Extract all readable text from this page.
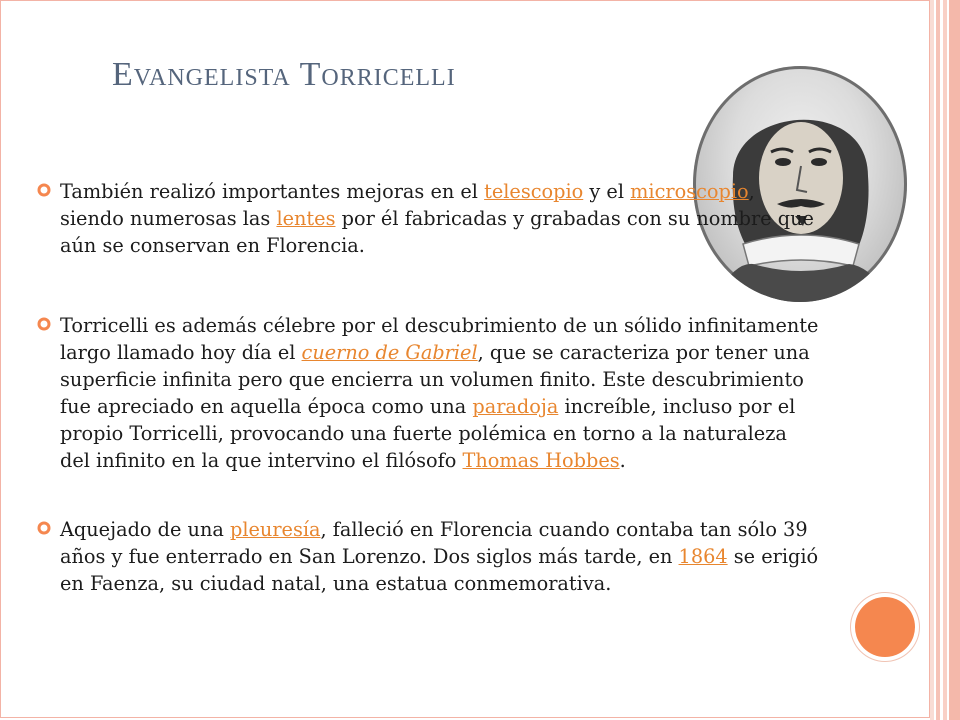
Evangelista Torricelli
También realizó importantes mejoras en el telescopio y el microscopio, siendo numerosas las lentes por él fabricadas y grabadas con su nombre que aún se conservan en Florencia.
Torricelli es además célebre por el descubrimiento de un sólido infinitamente largo llamado hoy día el cuerno de Gabriel, que se caracteriza por tener una superficie infinita pero que encierra un volumen finito. Este descubrimiento fue apreciado en aquella época como una paradoja increíble, incluso por el propio Torricelli, provocando una fuerte polémica en torno a la naturaleza del infinito en la que intervino el filósofo Thomas Hobbes.
Aquejado de una pleuresía, falleció en Florencia cuando contaba tan sólo 39 años y fue enterrado en San Lorenzo. Dos siglos más tarde, en 1864 se erigió en Faenza, su ciudad natal, una estatua conmemorativa.
